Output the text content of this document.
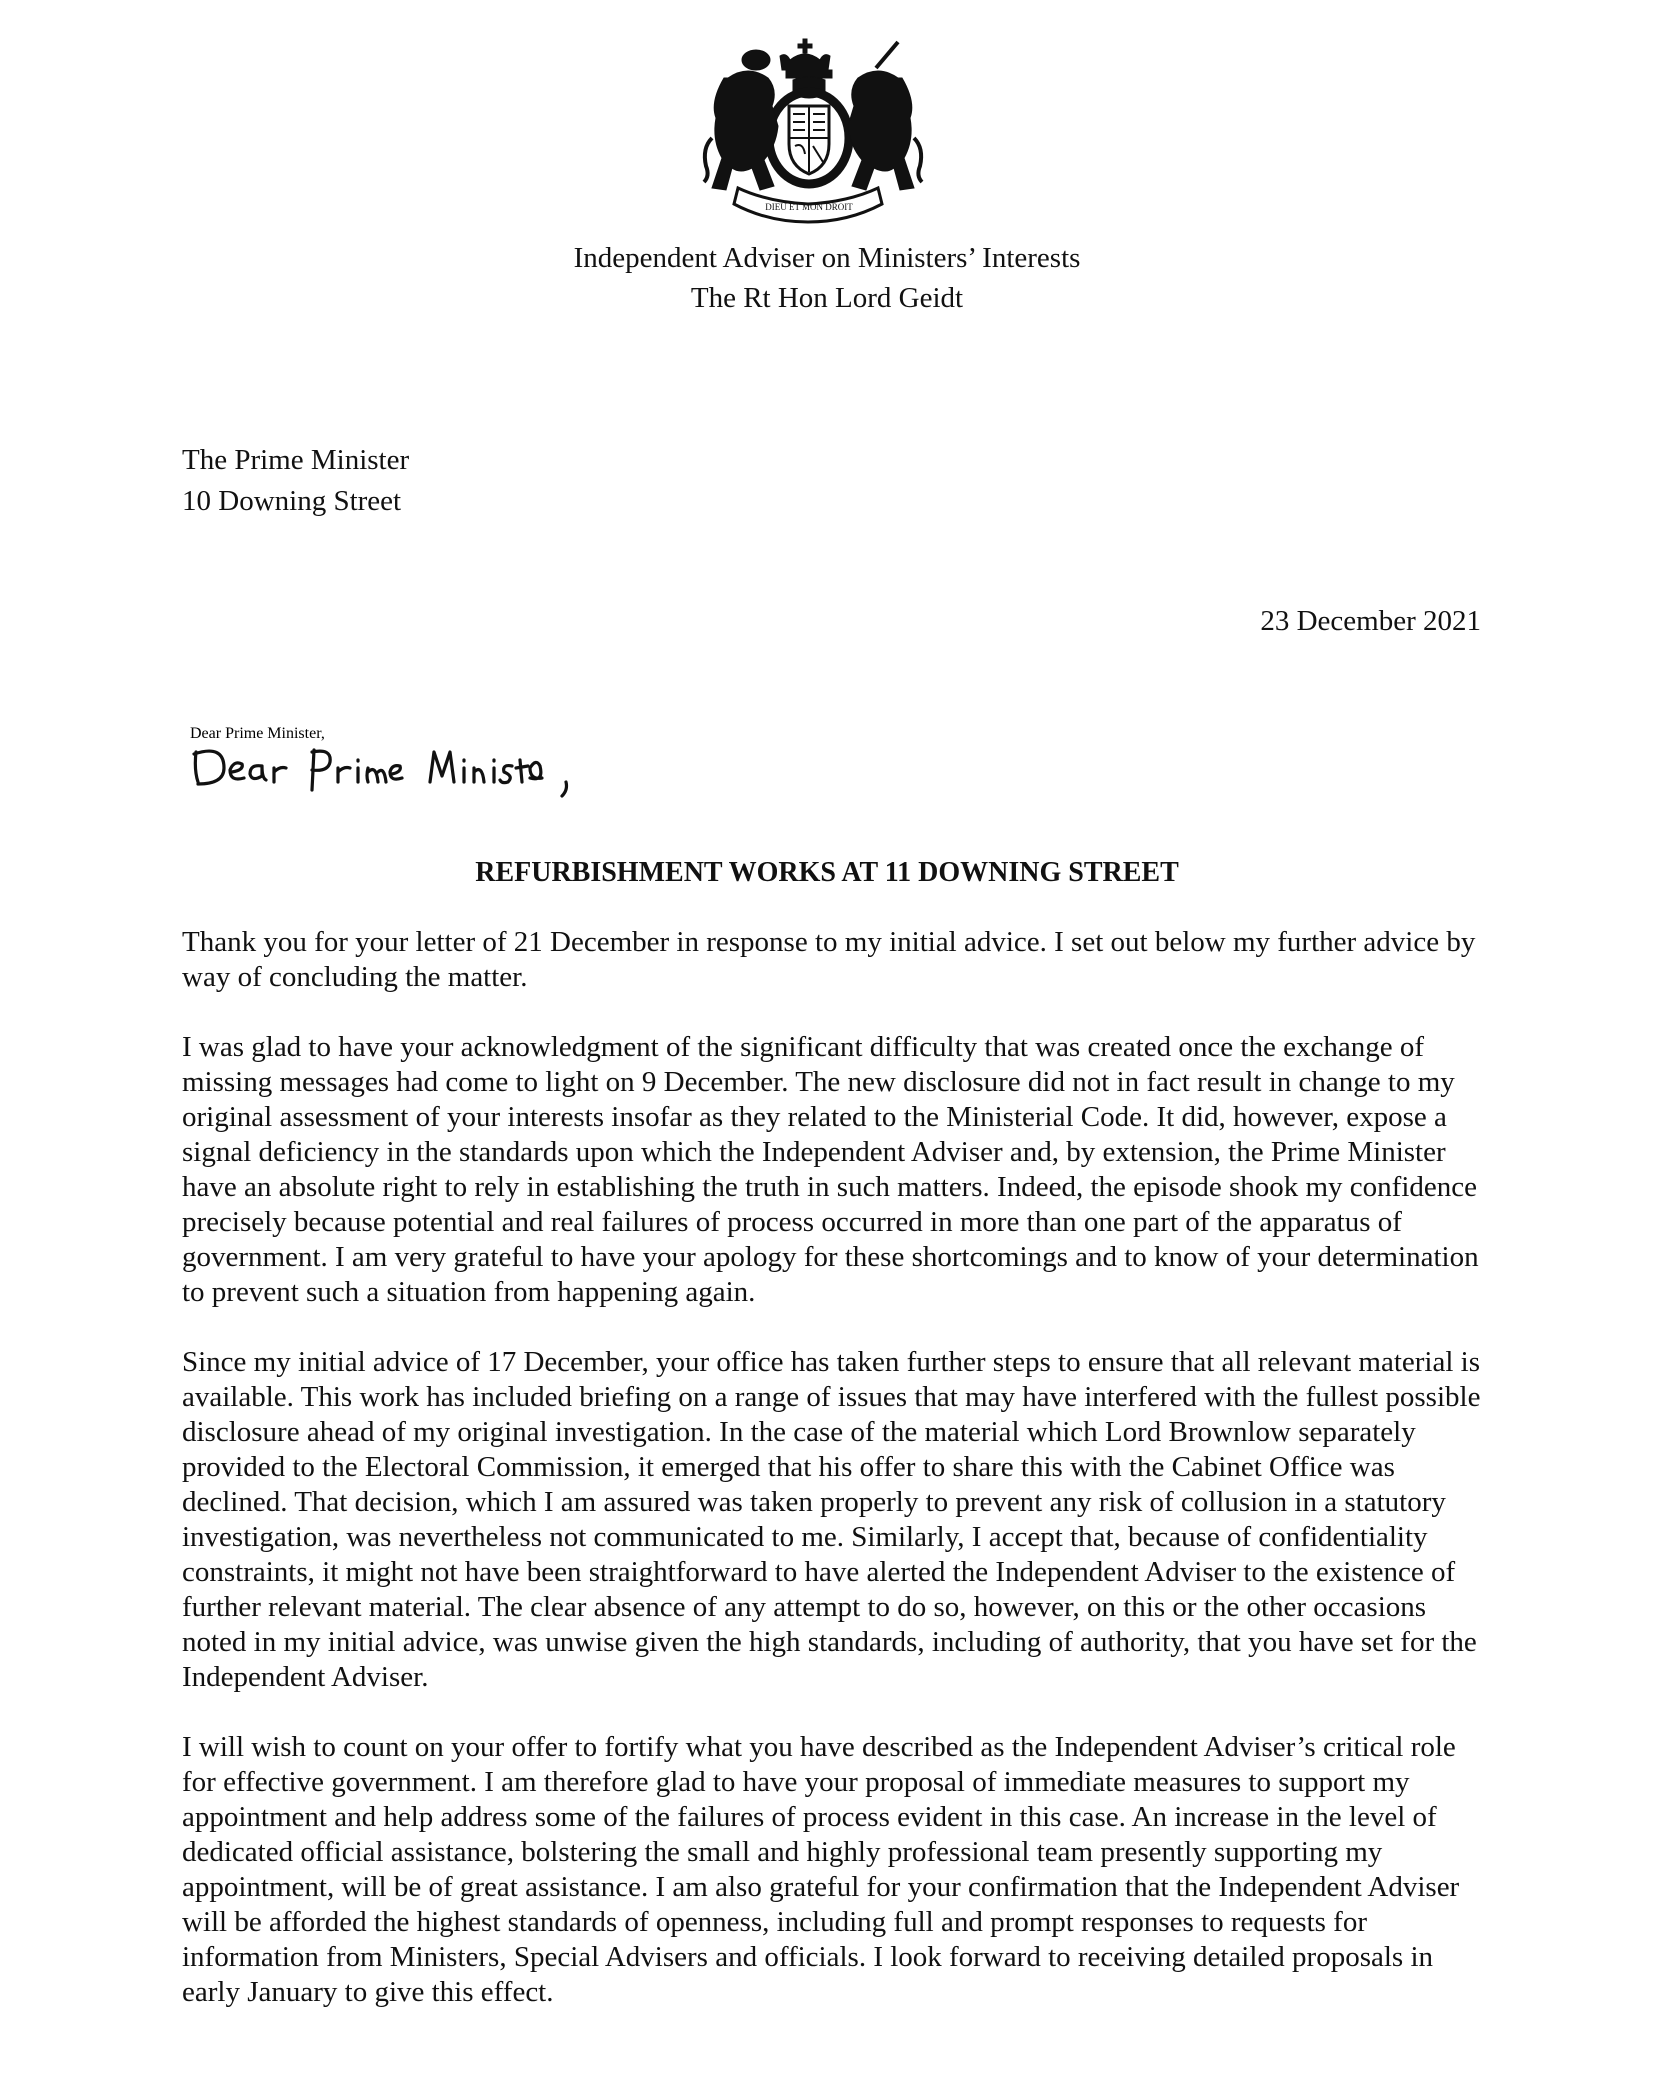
DIEU ET MON DROIT
Independent Adviser on Ministers’ Interests
The Rt Hon Lord Geidt
The Prime Minister
10 Downing Street
23 December 2021
Dear Prime Minister,
REFURBISHMENT WORKS AT 11 DOWNING STREET

Thank you for your letter of 21 December in response to my initial advice. I set out below my further advice by way of concluding the matter.

I was glad to have your acknowledgment of the significant difficulty that was created once the exchange of missing messages had come to light on 9 December. The new disclosure did not in fact result in change to my original assessment of your interests insofar as they related to the Ministerial Code. It did, however, expose a signal deficiency in the standards upon which the Independent Adviser and, by extension, the Prime Minister have an absolute right to rely in establishing the truth in such matters. Indeed, the episode shook my confidence precisely because potential and real failures of process occurred in more than one part of the apparatus of government. I am very grateful to have your apology for these shortcomings and to know of your determination to prevent such a situation from happening again.

Since my initial advice of 17 December, your office has taken further steps to ensure that all relevant material is available. This work has included briefing on a range of issues that may have interfered with the fullest possible disclosure ahead of my original investigation. In the case of the material which Lord Brownlow separately provided to the Electoral Commission, it emerged that his offer to share this with the Cabinet Office was declined. That decision, which I am assured was taken properly to prevent any risk of collusion in a statutory investigation, was nevertheless not communicated to me. Similarly, I accept that, because of confidentiality constraints, it might not have been straightforward to have alerted the Independent Adviser to the existence of further relevant material. The clear absence of any attempt to do so, however, on this or the other occasions noted in my initial advice, was unwise given the high standards, including of authority, that you have set for the Independent Adviser.

I will wish to count on your offer to fortify what you have described as the Independent Adviser’s critical role for effective government. I am therefore glad to have your proposal of immediate measures to support my appointment and help address some of the failures of process evident in this case. An increase in the level of dedicated official assistance, bolstering the small and highly professional team presently supporting my appointment, will be of great assistance. I am also grateful for your confirmation that the Independent Adviser will be afforded the highest standards of openness, including full and prompt responses to requests for information from Ministers, Special Advisers and officials. I look forward to receiving detailed proposals in early January to give this effect.
